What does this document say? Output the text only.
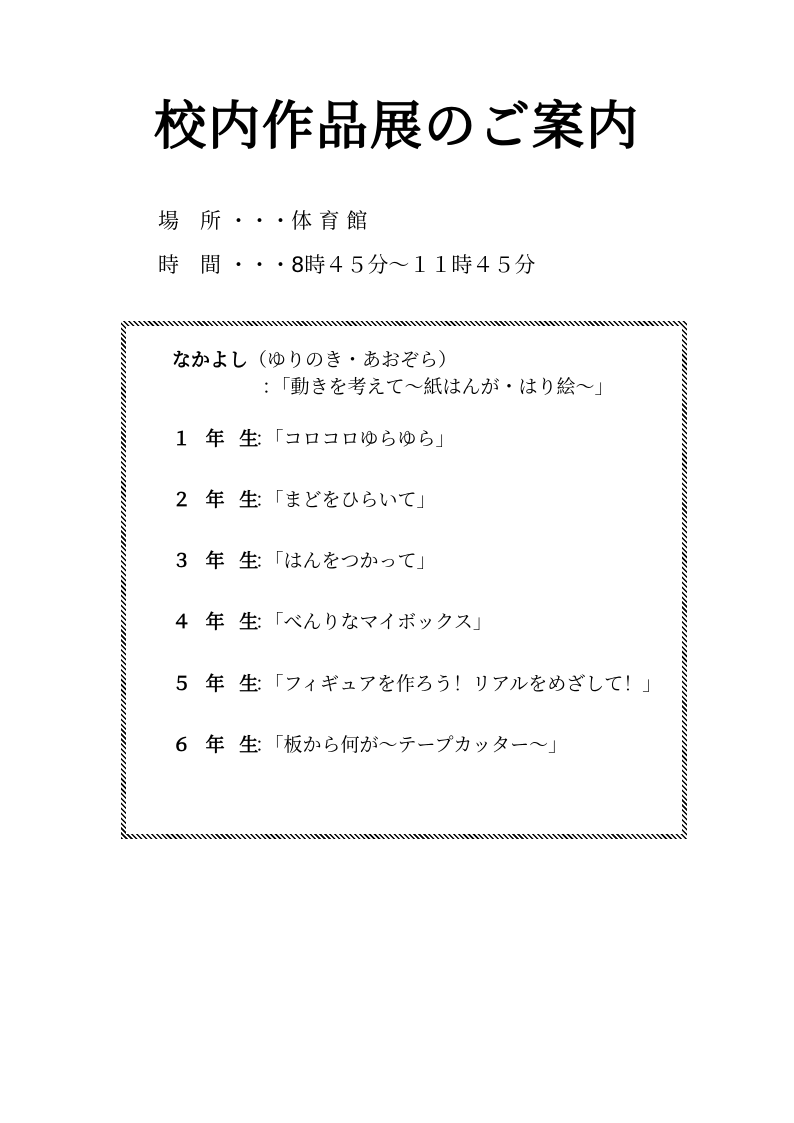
校内作品展のご案内
場　所 ・・・体 育 館
時　間 ・・・8時４５分〜１１時４５分
なかよし（ゆりのき・あおぞら）
：「動きを考えて〜紙はんが・はり絵〜」
１ 年 生：「コロコロゆらゆら」
２ 年 生：「まどをひらいて」
３ 年 生：「はんをつかって」
４ 年 生：「べんりなマイボックス」
５ 年 生：「フィギュアを作ろう！リアルをめざして！」
６ 年 生：「板から何が〜テープカッター〜」
